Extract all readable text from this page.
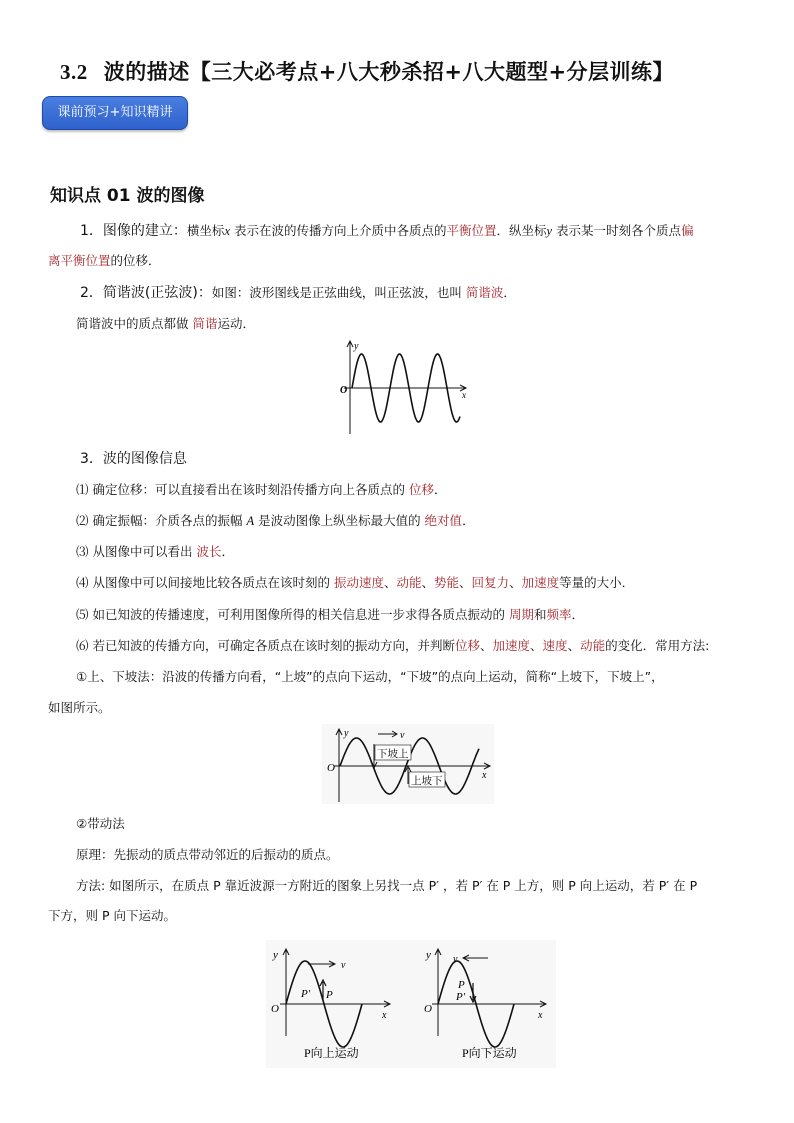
3.2 波的描述【三大必考点+八大秒杀招+八大题型+分层训练】
课前预习+知识精讲
知识点 01 波的图像
1．图像的建立：横坐标x 表示在波的传播方向上介质中各质点的平衡位置．纵坐标y 表示某一时刻各个质点偏
离平衡位置的位移．
2．简谐波(正弦波)：如图：波形图线是正弦曲线，叫正弦波，也叫 简谐波．
简谐波中的质点都做 简谐运动．
y
O	x
3．波的图像信息
⑴ 确定位移：可以直接看出在该时刻沿传播方向上各质点的 位移．
⑵ 确定振幅：介质各点的振幅 A 是波动图像上纵坐标最大值的 绝对值．
⑶ 从图像中可以看出 波长．
⑷ 从图像中可以间接地比较各质点在该时刻的 振动速度、动能、势能、回复力、加速度等量的大小．
⑸ 如已知波的传播速度，可利用图像所得的相关信息进一步求得各质点振动的 周期和频率．
⑹ 若已知波的传播方向，可确定各质点在该时刻的振动方向，并判断位移、加速度、速度、动能的变化．常用方法:
①上、下坡法：沿波的传播方向看，“上坡”的点向下运动，“下坡”的点向上运动，简称“上坡下，下坡上”，
如图所示。
y
O
x
v
下坡上
上坡下
②带动法
原理：先振动的质点带动邻近的后振动的质点。
方法: 如图所示，在质点 P 靠近波源一方附近的图象上另找一点 P′ ，若 P′ 在 P 上方，则 P 向上运动，若 P′ 在 P
下方，则 P 向下运动。
y
O
x
v
P′ P
P向上运动
y
O
x
v
P
P′
P向下运动
